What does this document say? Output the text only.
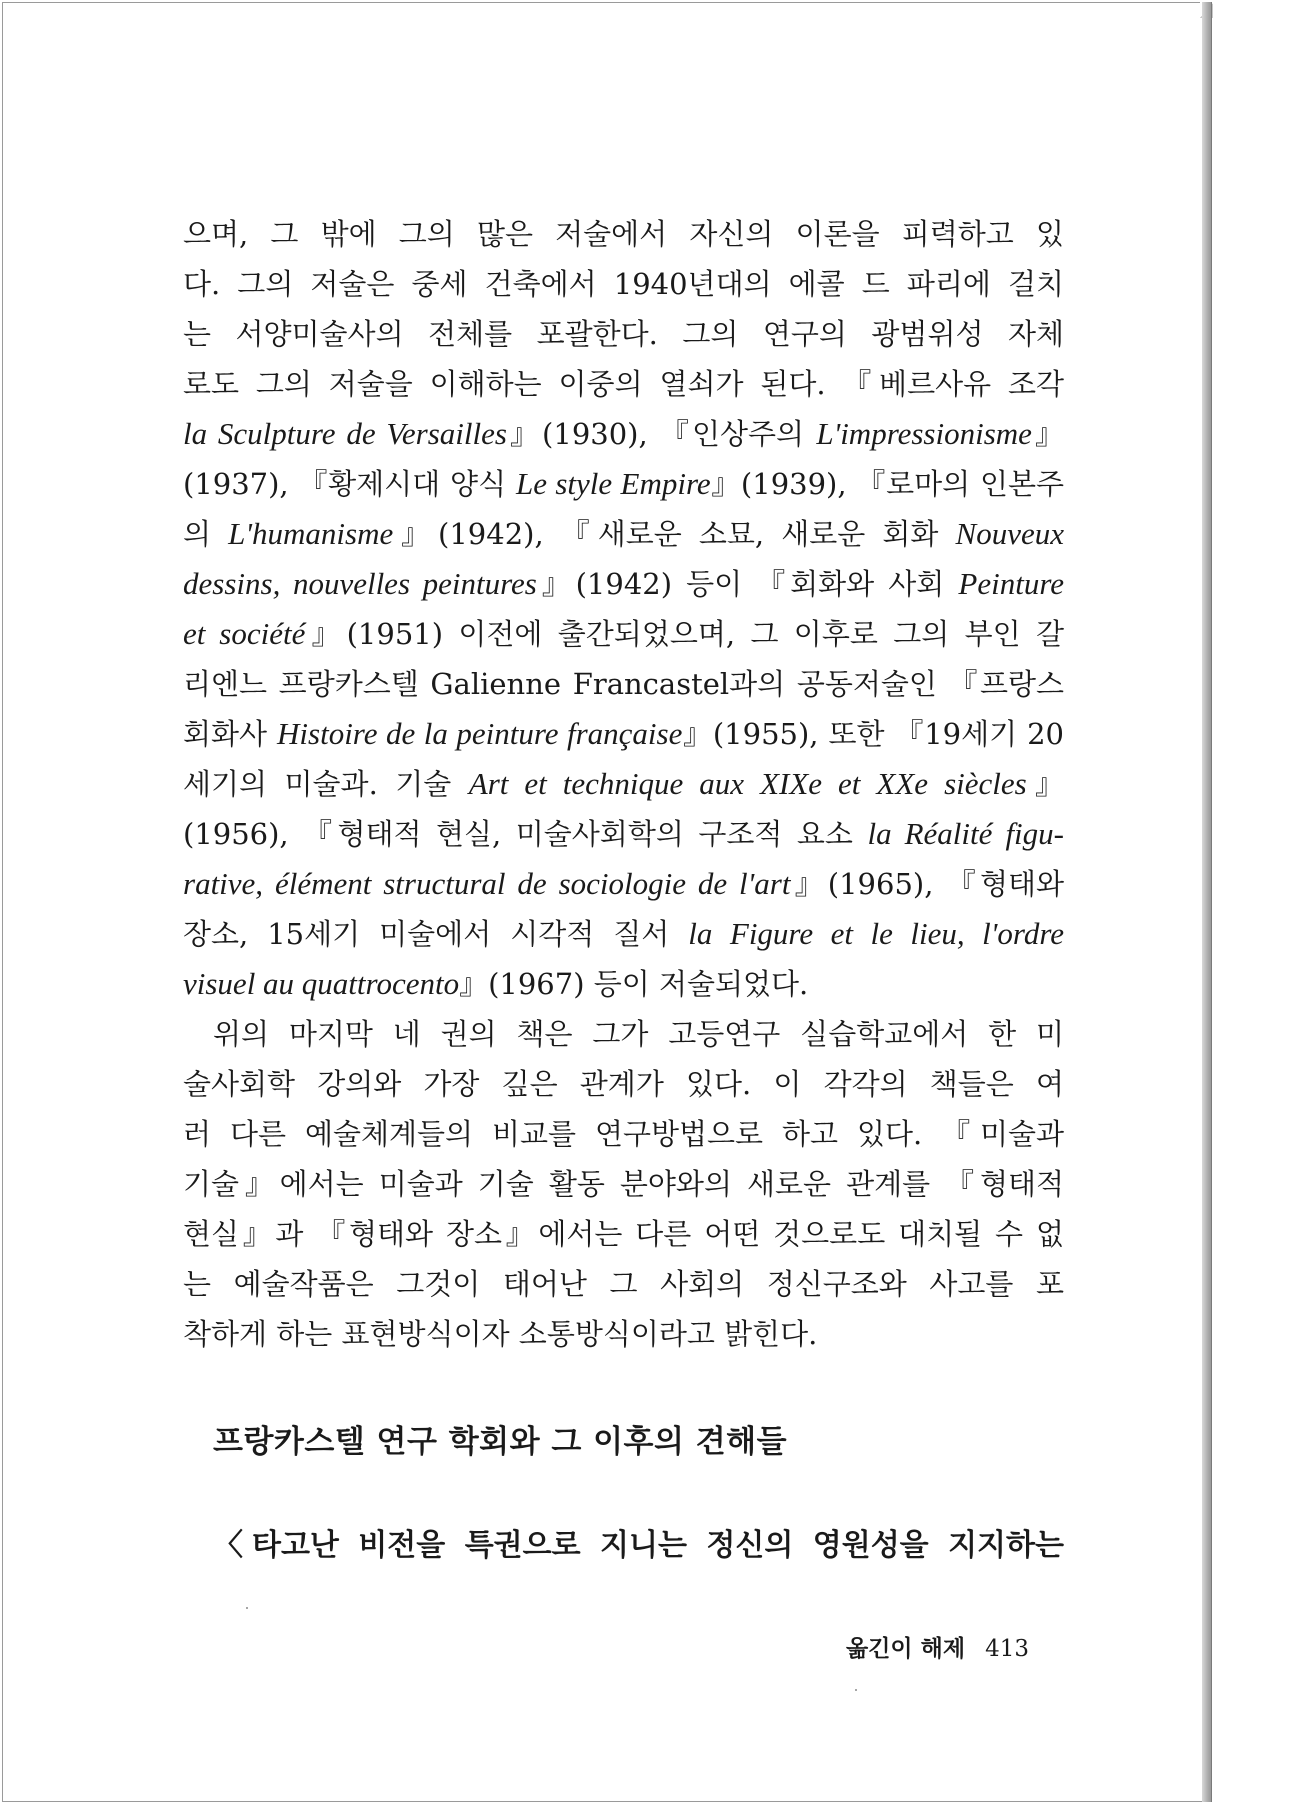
으며, 그 밖에 그의 많은 저술에서 자신의 이론을 피력하고 있
다. 그의 저술은 중세 건축에서 1940년대의 에콜 드 파리에 걸치
는 서양미술사의 전체를 포괄한다. 그의 연구의 광범위성 자체
로도 그의 저술을 이해하는 이중의 열쇠가 된다. 『베르사유 조각
la Sculpture de Versailles』(1930), 『인상주의 L'impressionisme』
(1937), 『황제시대 양식 Le style Empire』(1939), 『로마의 인본주
의 L'humanisme』(1942), 『새로운 소묘, 새로운 회화 Nouveux
dessins, nouvelles peintures』(1942) 등이 『회화와 사회 Peinture
et société』(1951) 이전에 출간되었으며, 그 이후로 그의 부인 갈
리엔느 프랑카스텔 Galienne Francastel과의 공동저술인 『프랑스
회화사 Histoire de la peinture française』(1955), 또한 『19세기 20
세기의 미술과. 기술 Art et technique aux XIXe et XXe siècles』
(1956), 『형태적 현실, 미술사회학의 구조적 요소 la Réalité figu-
rative, élément structural de sociologie de l'art』(1965), 『형태와
장소, 15세기 미술에서 시각적 질서 la Figure et le lieu, l'ordre
visuel au quattrocento』(1967) 등이 저술되었다.
위의 마지막 네 권의 책은 그가 고등연구 실습학교에서 한 미
술사회학 강의와 가장 깊은 관계가 있다. 이 각각의 책들은 여
러 다른 예술체계들의 비교를 연구방법으로 하고 있다. 『미술과
기술』에서는 미술과 기술 활동 분야와의 새로운 관계를 『형태적
현실』과 『형태와 장소』에서는 다른 어떤 것으로도 대치될 수 없
는 예술작품은 그것이 태어난 그 사회의 정신구조와 사고를 포
착하게 하는 표현방식이자 소통방식이라고 밝힌다.
프랑카스텔 연구 학회와 그 이후의 견해들
〈타고난 비전을 특권으로 지니는 정신의 영원성을 지지하는
옮긴이 해제 413
